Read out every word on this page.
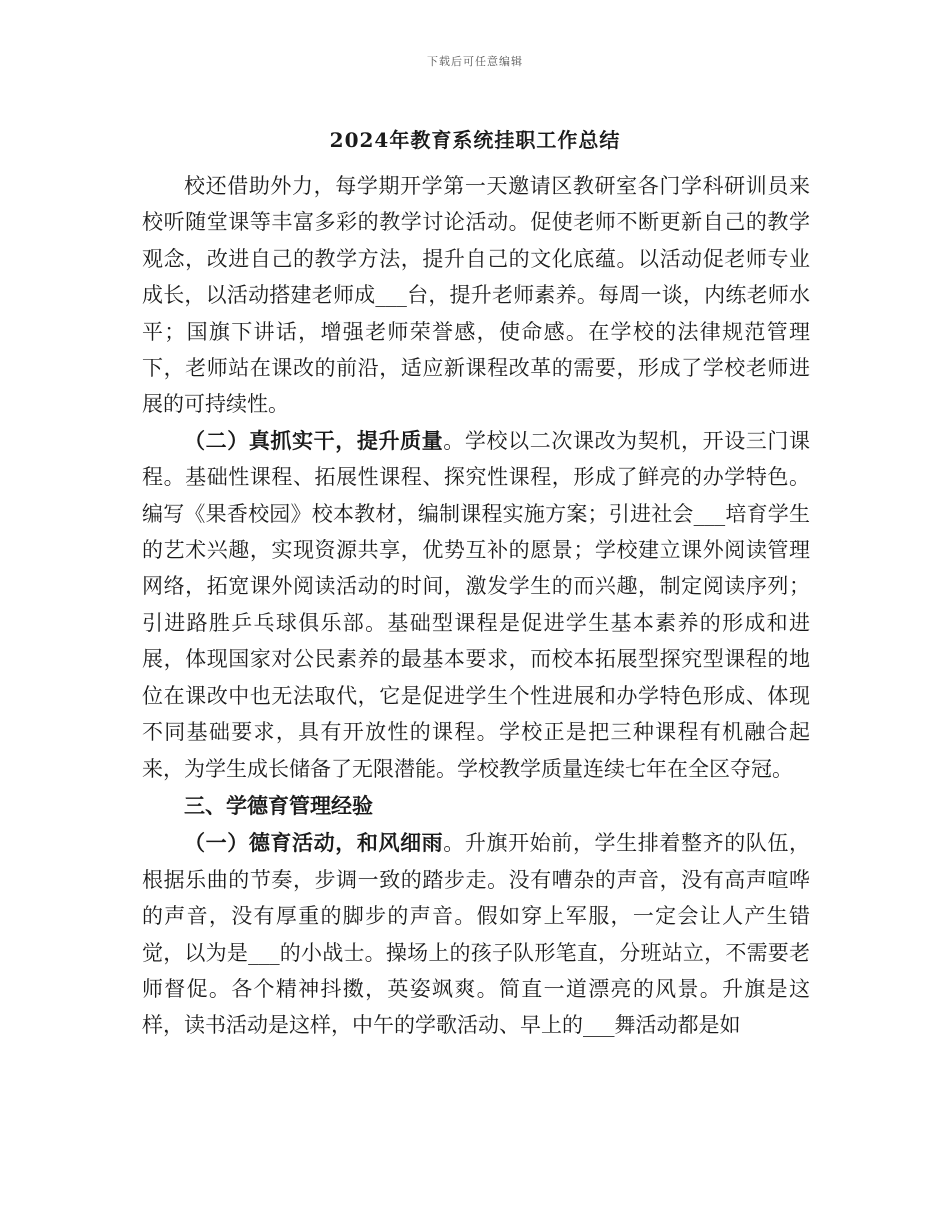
下载后可任意编辑
2024年教育系统挂职工作总结

校还借助外力，每学期开学第一天邀请区教研室各门学科研训员来校听随堂课等丰富多彩的教学讨论活动。促使老师不断更新自己的教学观念，改进自己的教学方法，提升自己的文化底蕴。以活动促老师专业成长，以活动搭建老师成___台，提升老师素养。每周一谈，内练老师水平；国旗下讲话，增强老师荣誉感，使命感。在学校的法律规范管理下，老师站在课改的前沿，适应新课程改革的需要，形成了学校老师进展的可持续性。

（二）真抓实干，提升质量。学校以二次课改为契机，开设三门课程。基础性课程、拓展性课程、探究性课程，形成了鲜亮的办学特色。编写《果香校园》校本教材，编制课程实施方案；引进社会___培育学生的艺术兴趣，实现资源共享，优势互补的愿景；学校建立课外阅读管理网络，拓宽课外阅读活动的时间，激发学生的而兴趣，制定阅读序列；引进路胜乒乓球俱乐部。基础型课程是促进学生基本素养的形成和进展，体现国家对公民素养的最基本要求，而校本拓展型探究型课程的地位在课改中也无法取代，它是促进学生个性进展和办学特色形成、体现不同基础要求，具有开放性的课程。学校正是把三种课程有机融合起来，为学生成长储备了无限潜能。学校教学质量连续七年在全区夺冠。

三、学德育管理经验

（一）德育活动，和风细雨。升旗开始前，学生排着整齐的队伍，根据乐曲的节奏，步调一致的踏步走。没有嘈杂的声音，没有高声喧哗的声音，没有厚重的脚步的声音。假如穿上军服，一定会让人产生错觉，以为是___的小战士。操场上的孩子队形笔直，分班站立，不需要老师督促。各个精神抖擞，英姿飒爽。简直一道漂亮的风景。升旗是这样，读书活动是这样，中午的学歌活动、早上的___舞活动都是如
